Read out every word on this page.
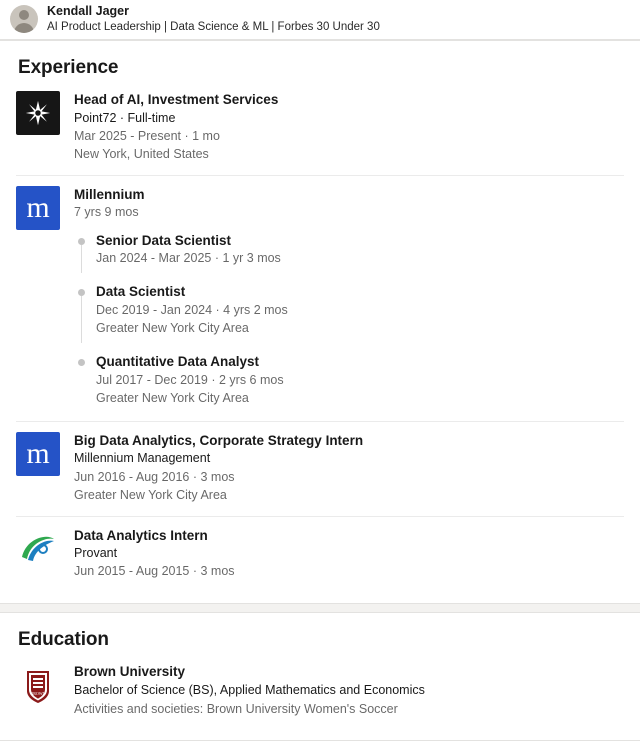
Kendall Jager
AI Product Leadership | Data Science & ML | Forbes 30 Under 30
Experience
Head of AI, Investment Services
Point72 · Full-time
Mar 2025 - Present · 1 mo
New York, United States
m	Millennium
7 yrs 9 mos
Senior Data Scientist
Jan 2024 - Mar 2025 · 1 yr 3 mos
Data Scientist
Dec 2019 - Jan 2024 · 4 yrs 2 mos
Greater New York City Area
Quantitative Data Analyst
Jul 2017 - Dec 2019 · 2 yrs 6 mos
Greater New York City Area
m	Big Data Analytics, Corporate Strategy Intern
Millennium Management
Jun 2016 - Aug 2016 · 3 mos
Greater New York City Area
Data Analytics Intern
Provant
Jun 2015 - Aug 2015 · 3 mos
Education
BROWN
Brown University
Bachelor of Science (BS), Applied Mathematics and Economics
Activities and societies: Brown University Women's Soccer
